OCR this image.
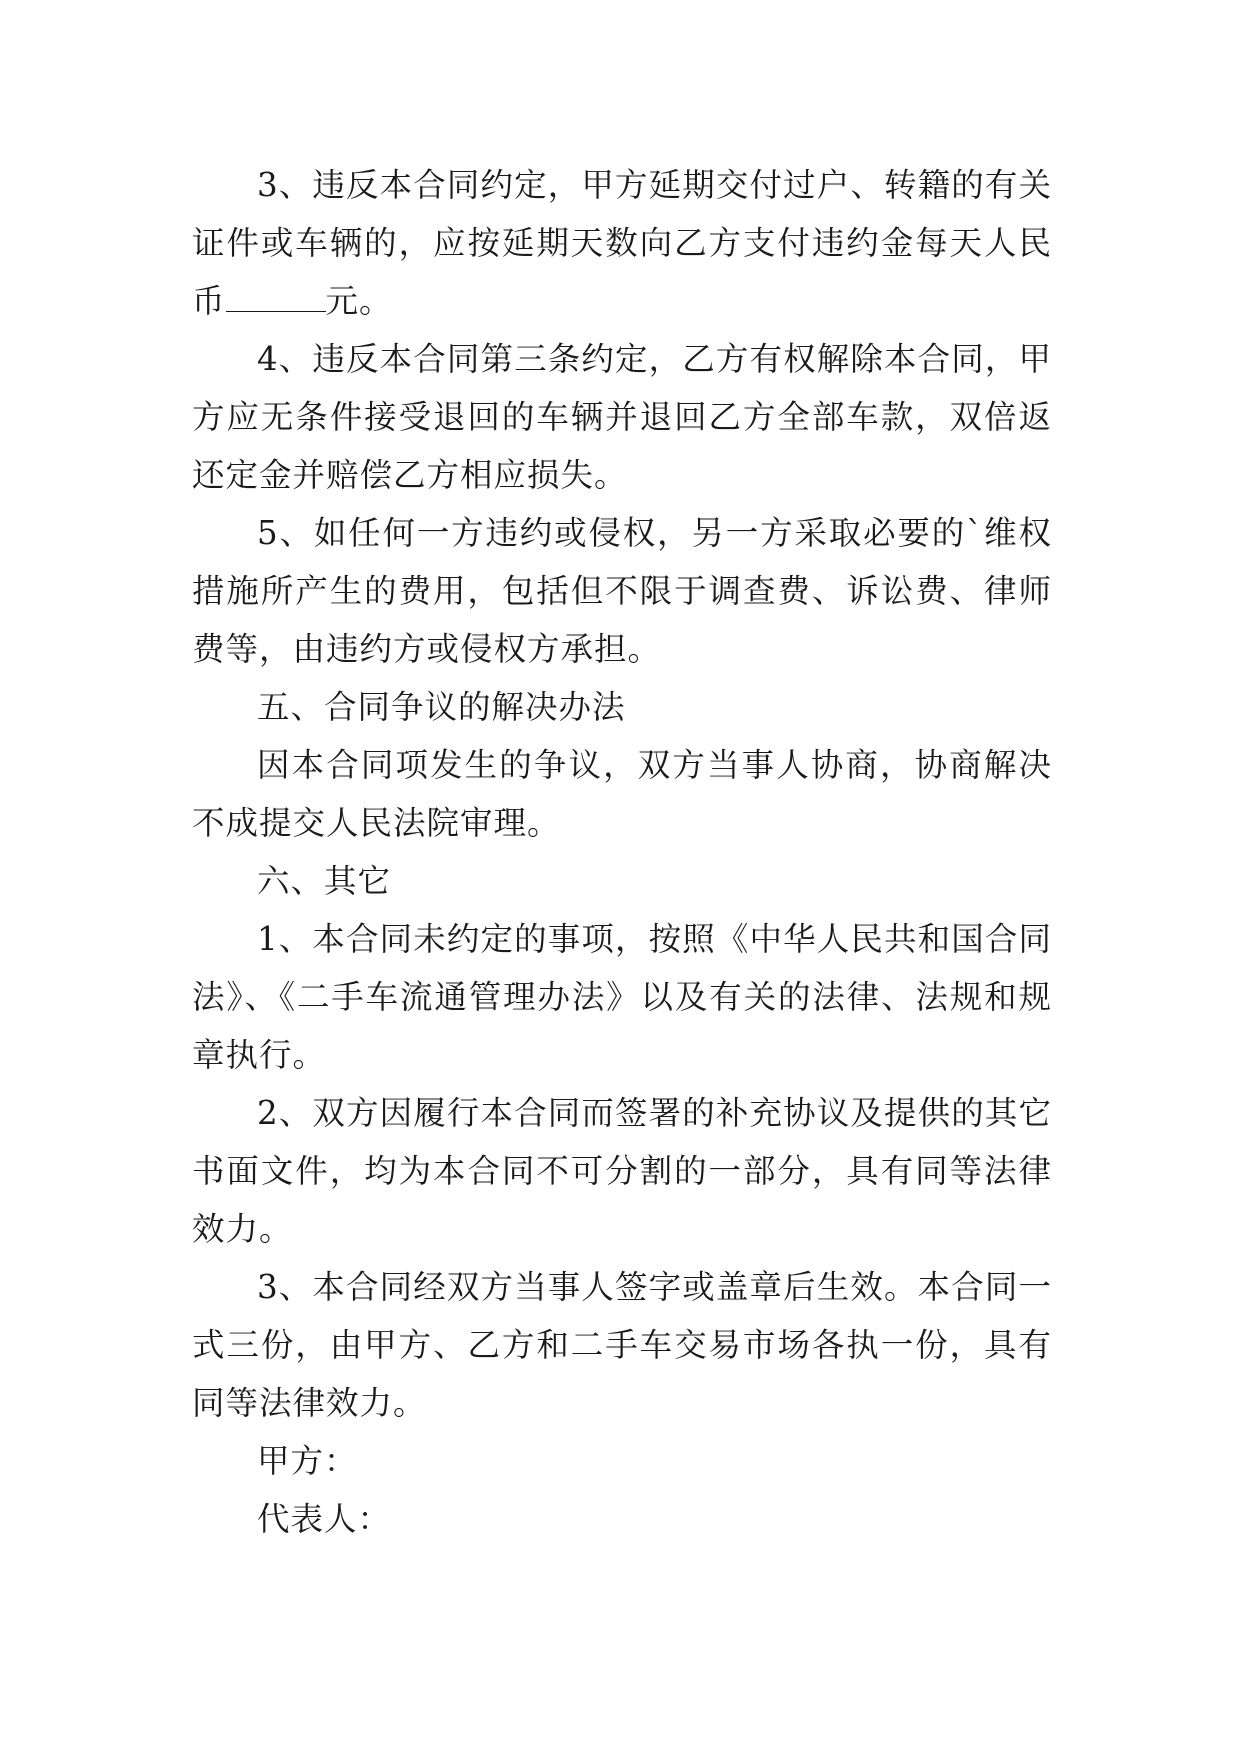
3、违反本合同约定，甲方延期交付过户、转籍的有关证件或车辆的，应按延期天数向乙方支付违约金每天人民币	元。

4、违反本合同第三条约定，乙方有权解除本合同，甲方应无条件接受退回的车辆并退回乙方全部车款，双倍返还定金并赔偿乙方相应损失。

5、如任何一方违约或侵权，另一方采取必要的`维权措施所产生的费用，包括但不限于调查费、诉讼费、律师费等，由违约方或侵权方承担。

五、合同争议的解决办法

因本合同项发生的争议，双方当事人协商，协商解决不成提交人民法院审理。

六、其它

1、本合同未约定的事项，按照《中华人民共和国合同法》、《二手车流通管理办法》以及有关的法律、法规和规章执行。

2、双方因履行本合同而签署的补充协议及提供的其它书面文件，均为本合同不可分割的一部分，具有同等法律效力。

3、本合同经双方当事人签字或盖章后生效。本合同一式三份，由甲方、乙方和二手车交易市场各执一份，具有同等法律效力。

甲方：

代表人：
